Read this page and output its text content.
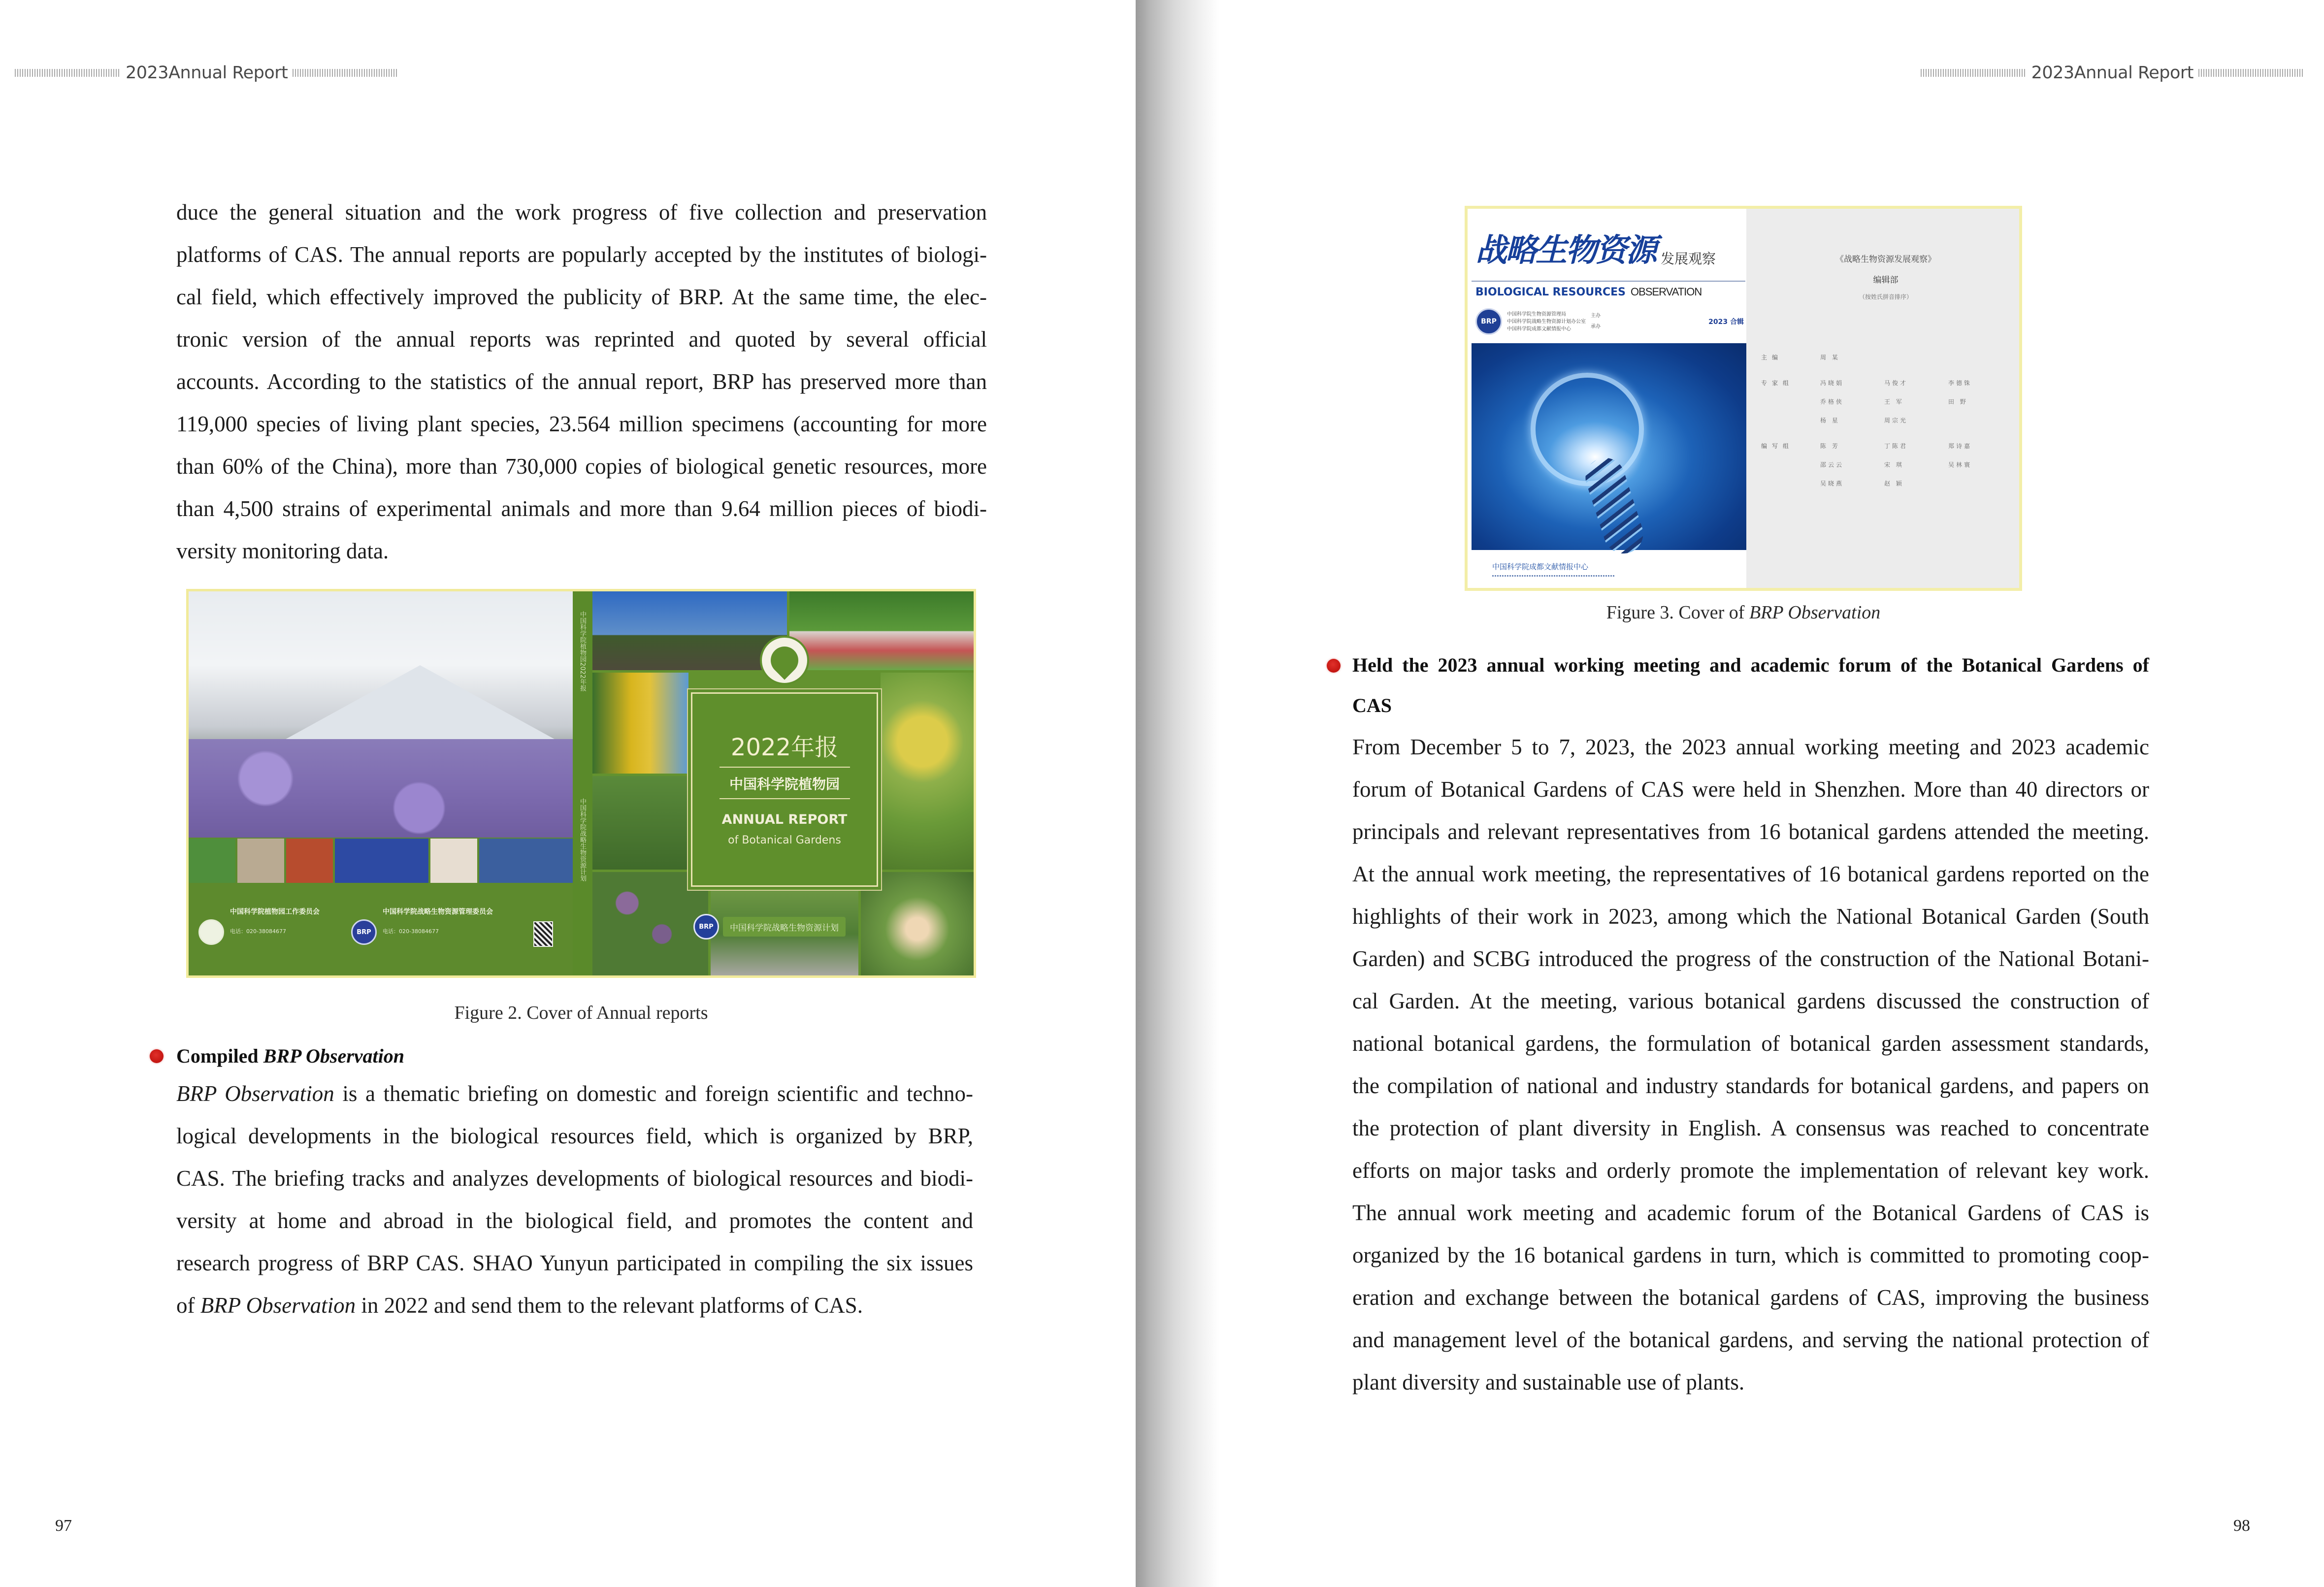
2023Annual Report
duce the general situation and the work progress of five collection and preservation
platforms of CAS. The annual reports are popularly accepted by the institutes of biologi-
cal field, which effectively improved the publicity of BRP. At the same time, the elec-
tronic version of the annual reports was reprinted and quoted by several official
accounts. According to the statistics of the annual report, BRP has preserved more than
119,000 species of living plant species, 23.564 million specimens (accounting for more
than 60% of the China), more than 730,000 copies of biological genetic resources, more
than 4,500 strains of experimental animals and more than 9.64 million pieces of biodi-
versity monitoring data.
中国科学院植物园工作委员会
电话：020-38084677	BRP
中国科学院战略生物资源管理委员会
电话：020-38084677
中国科学院植物园2022年报
中国科学院战略生物资源计划
2022年报
中国科学院植物园
ANNUAL REPORT
of Botanical Gardens
BRP	中国科学院战略生物资源计划
Figure 2. Cover of Annual reports
Compiled BRP Observation
BRP Observation is a thematic briefing on domestic and foreign scientific and techno-
logical developments in the biological resources field, which is organized by BRP,
CAS. The briefing tracks and analyzes developments of biological resources and biodi-
versity at home and abroad in the biological field, and promotes the content and
research progress of BRP CAS. SHAO Yunyun participated in compiling the six issues
of BRP Observation in 2022 and send them to the relevant platforms of CAS.
97
2023Annual Report
战略生物资源 发展观察
BIOLOGICAL RESOURCES OBSERVATION
BRP
中国科学院生物资源管理局
中国科学院战略生物资源计划办公室
中国科学院成都文献情报中心
主办
承办
2023 合辑
中国科学院成都文献情报中心
《战略生物资源发展观察》
编辑部
（按姓氏拼音排序）
主编	周 某
专家组	冯晓娟	马俊才	李德铢
乔格侠	王 军	田 野
杨 星	周宗光
编写组	陈 芳	丁陈君	郑诗嘉
邵云云	宋 琪	吴林寰
吴晓燕	赵 颖
Figure 3. Cover of BRP Observation
Held the 2023 annual working meeting and academic forum of the Botanical Gardens of
CAS
From December 5 to 7, 2023, the 2023 annual working meeting and 2023 academic
forum of Botanical Gardens of CAS were held in Shenzhen. More than 40 directors or
principals and relevant representatives from 16 botanical gardens attended the meeting.
At the annual work meeting, the representatives of 16 botanical gardens reported on the
highlights of their work in 2023, among which the National Botanical Garden (South
Garden) and SCBG introduced the progress of the construction of the National Botani-
cal Garden. At the meeting, various botanical gardens discussed the construction of
national botanical gardens, the formulation of botanical garden assessment standards,
the compilation of national and industry standards for botanical gardens, and papers on
the protection of plant diversity in English. A consensus was reached to concentrate
efforts on major tasks and orderly promote the implementation of relevant key work.
The annual work meeting and academic forum of the Botanical Gardens of CAS is
organized by the 16 botanical gardens in turn, which is committed to promoting coop-
eration and exchange between the botanical gardens of CAS, improving the business
and management level of the botanical gardens, and serving the national protection of
plant diversity and sustainable use of plants.
98
